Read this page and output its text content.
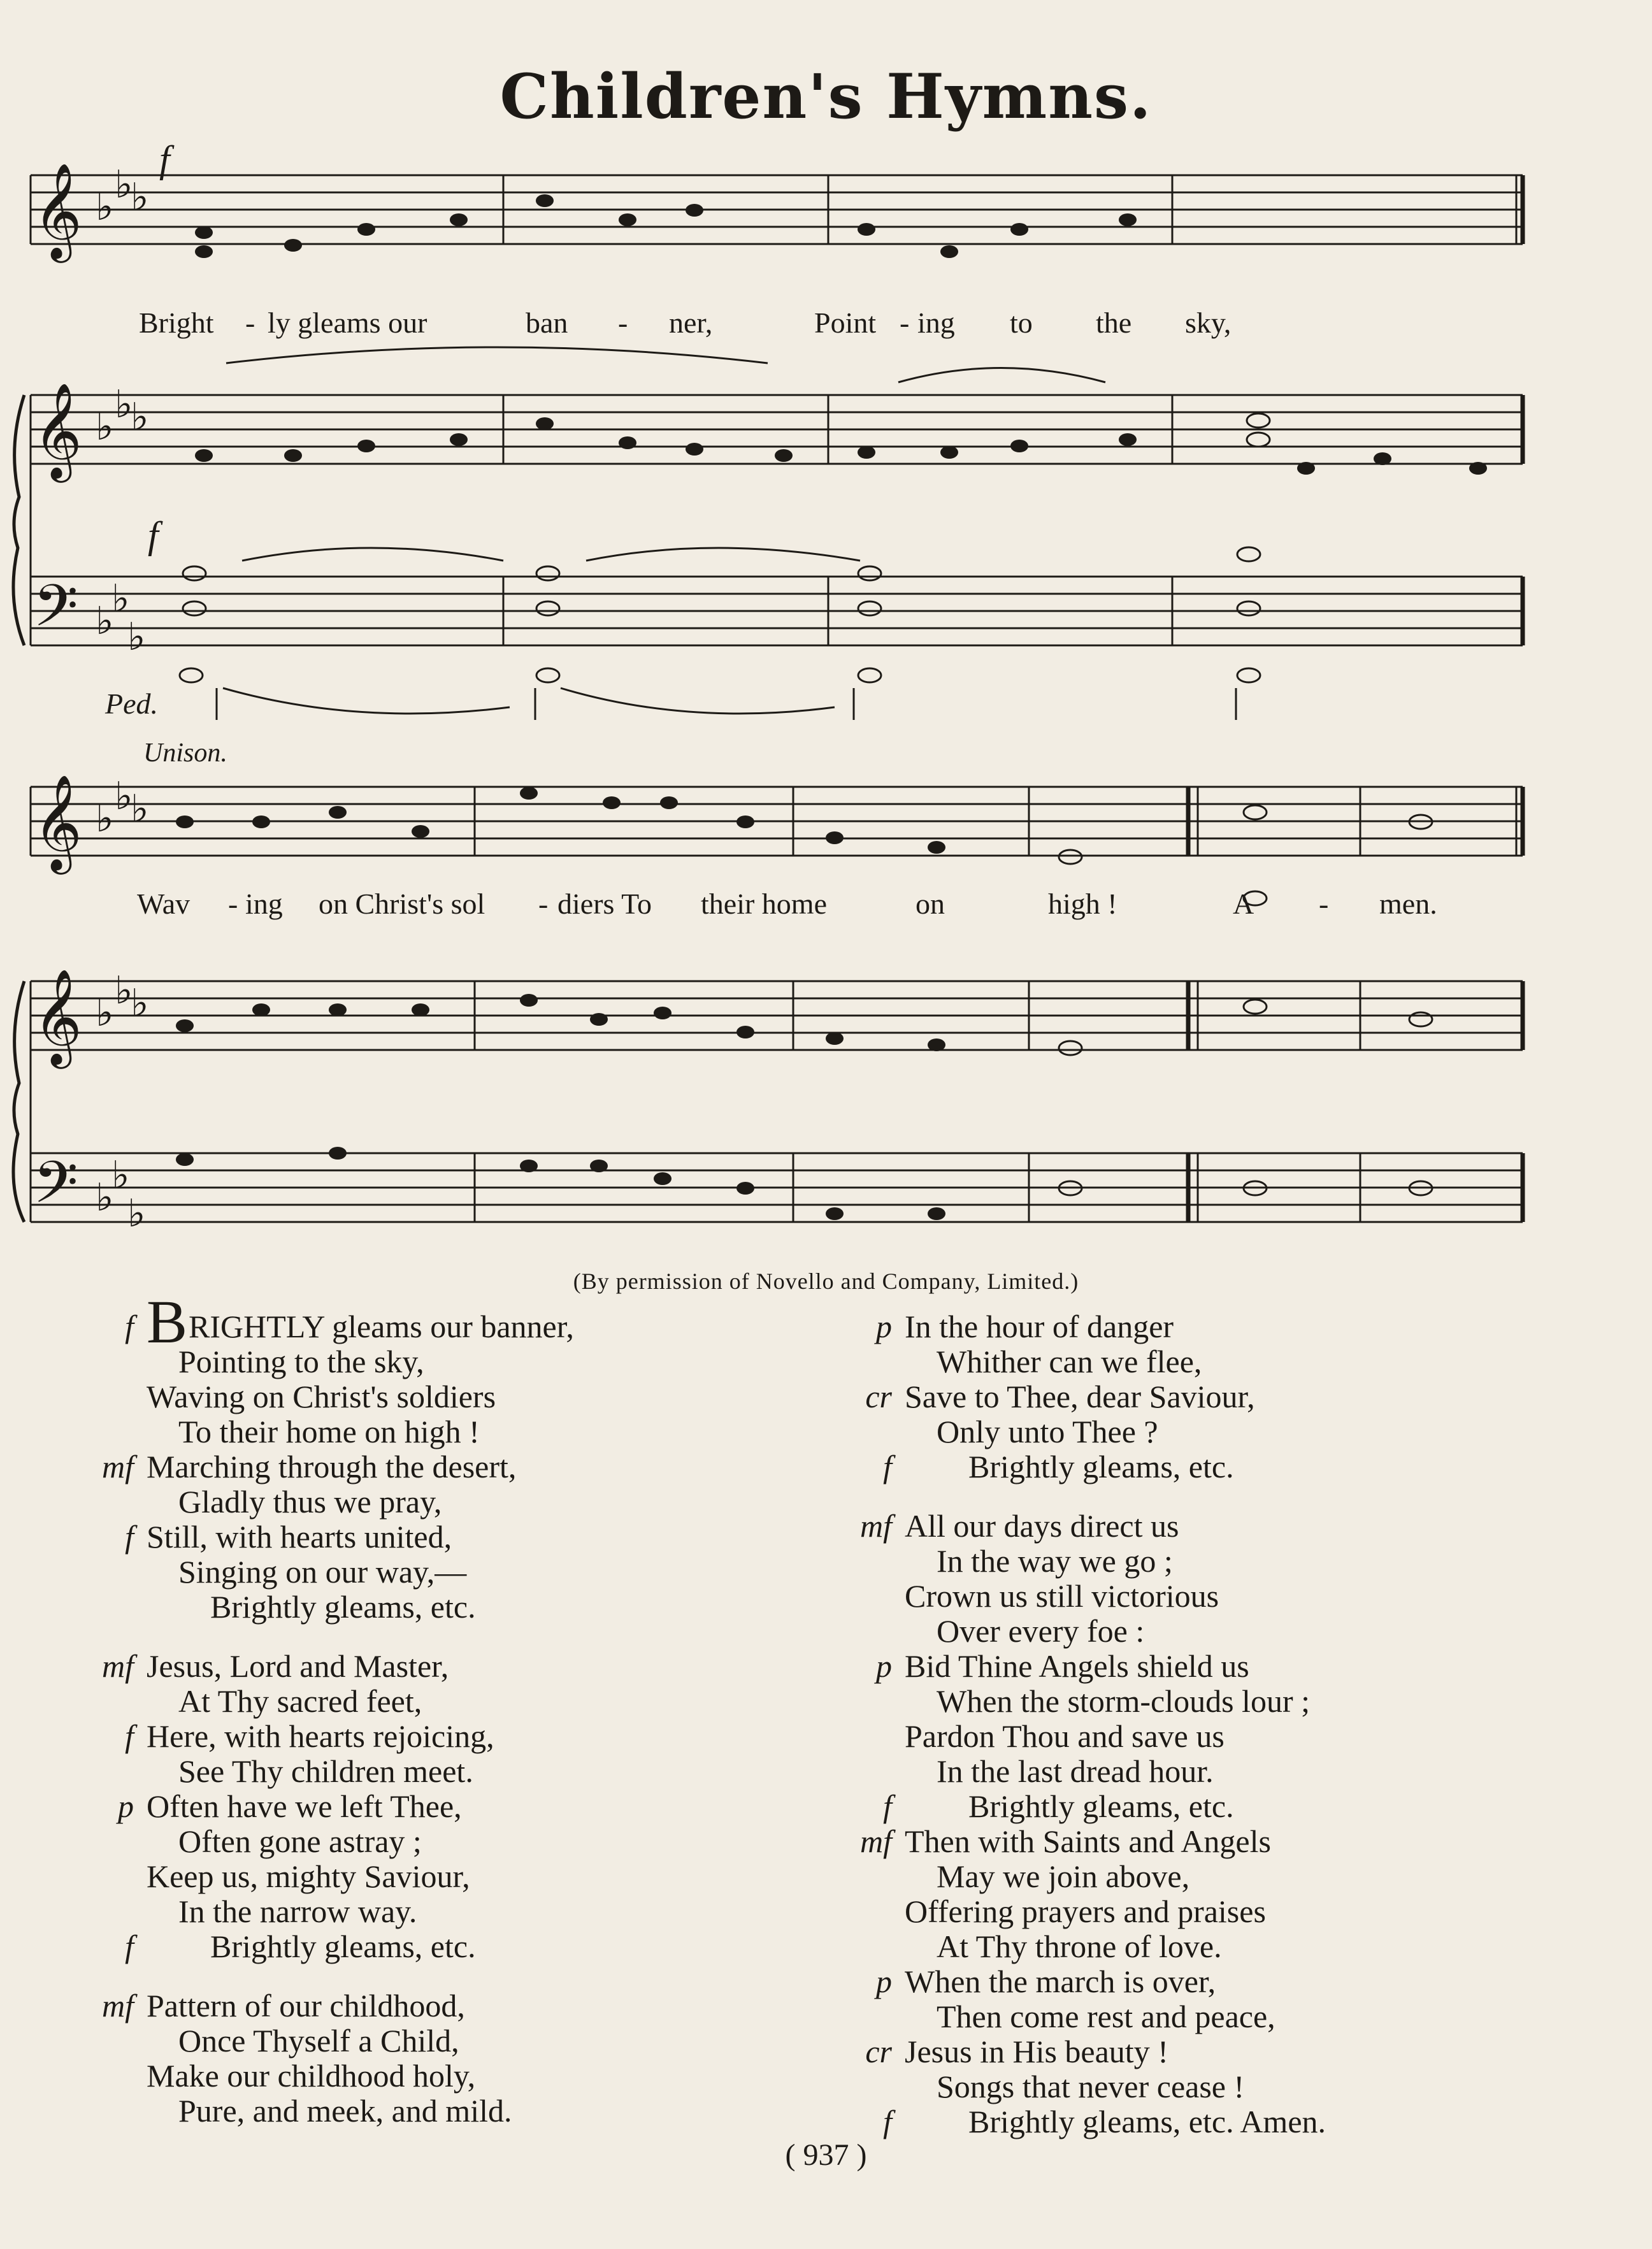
Children's Hymns.
𝄞
𝄞
𝄢
𝄞
𝄞
𝄢
♭
♭ ♭
♭
♭ ♭
♭
♭ ♭
♭
♭ ♭
♭
♭ ♭
♭
♭ ♭
f
f
Ped.
Unison.
Bright - ly gleams our	ban - ner,	Point - ing to the sky,
Wav - ing on Christ's sol - diers To their home	on	high !	A - men.
(By permission of Novello and Company, Limited.)
f BRIGHTLY gleams our banner,
Pointing to the sky,
Waving on Christ's soldiers
To their home on high !
mf Marching through the desert,
Gladly thus we pray,
f Still, with hearts united,
Singing on our way,—
Brightly gleams, etc.
mf Jesus, Lord and Master,
At Thy sacred feet,
f Here, with hearts rejoicing,
See Thy children meet.
p Often have we left Thee,
Often gone astray ;
Keep us, mighty Saviour,
In the narrow way.
f Brightly gleams, etc.
mf Pattern of our childhood,
Once Thyself a Child,
Make our childhood holy,
Pure, and meek, and mild.
p In the hour of danger
Whither can we flee,
cr Save to Thee, dear Saviour,
Only unto Thee ?
f Brightly gleams, etc.
mf All our days direct us
In the way we go ;
Crown us still victorious
Over every foe :
p Bid Thine Angels shield us
When the storm-clouds lour ;
Pardon Thou and save us
In the last dread hour.
f Brightly gleams, etc.
mf Then with Saints and Angels
May we join above,
Offering prayers and praises
At Thy throne of love.
p When the march is over,
Then come rest and peace,
cr Jesus in His beauty !
Songs that never cease !
f Brightly gleams, etc. Amen.
( 937 )
